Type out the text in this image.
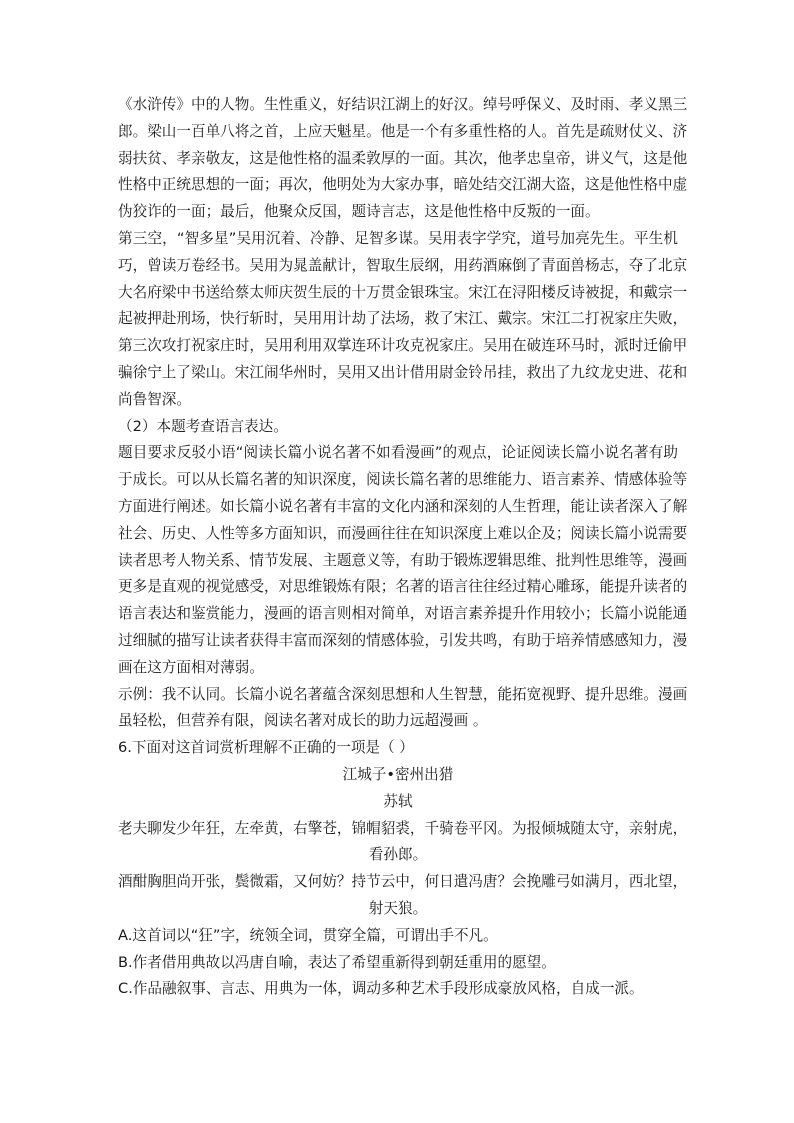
《水浒传》中的人物。生性重义，好结识江湖上的好汉。绰号呼保义、及时雨、孝义黑三
郎。梁山一百单八将之首，上应天魁星。他是一个有多重性格的人。首先是疏财仗义、济
弱扶贫、孝亲敬友，这是他性格的温柔敦厚的一面。其次，他孝忠皇帝，讲义气，这是他
性格中正统思想的一面；再次，他明处为大家办事，暗处结交江湖大盗，这是他性格中虚
伪狡诈的一面；最后，他聚众反国，题诗言志，这是他性格中反叛的一面。
第三空，“智多星”吴用沉着、冷静、足智多谋。吴用表字学究，道号加亮先生。平生机
巧，曾读万卷经书。吴用为晁盖献计，智取生辰纲，用药酒麻倒了青面兽杨志，夺了北京
大名府梁中书送给蔡太师庆贺生辰的十万贯金银珠宝。宋江在浔阳楼反诗被捉，和戴宗一
起被押赴刑场，快行斩时，吴用用计劫了法场，救了宋江、戴宗。宋江二打祝家庄失败，
第三次攻打祝家庄时，吴用利用双掌连环计攻克祝家庄。吴用在破连环马时，派时迁偷甲
骗徐宁上了梁山。宋江闹华州时，吴用又出计借用尉金铃吊挂，救出了九纹龙史进、花和
尚鲁智深。
（2）本题考查语言表达。
题目要求反驳小语“阅读长篇小说名著不如看漫画”的观点，论证阅读长篇小说名著有助
于成长。可以从长篇名著的知识深度，阅读长篇名著的思维能力、语言素养、情感体验等
方面进行阐述。如长篇小说名著有丰富的文化内涵和深刻的人生哲理，能让读者深入了解
社会、历史、人性等多方面知识，而漫画往往在知识深度上难以企及；阅读长篇小说需要
读者思考人物关系、情节发展、主题意义等，有助于锻炼逻辑思维、批判性思维等，漫画
更多是直观的视觉感受，对思维锻炼有限；名著的语言往往经过精心雕琢，能提升读者的
语言表达和鉴赏能力，漫画的语言则相对简单，对语言素养提升作用较小；长篇小说能通
过细腻的描写让读者获得丰富而深刻的情感体验，引发共鸣，有助于培养情感感知力，漫
画在这方面相对薄弱。
示例：我不认同。长篇小说名著蕴含深刻思想和人生智慧，能拓宽视野、提升思维。漫画
虽轻松，但营养有限，阅读名著对成长的助力远超漫画 。
6.下面对这首词赏析理解不正确的一项是（ ）
江城子•密州出猎
苏轼
老夫聊发少年狂，左牵黄，右擎苍，锦帽貂裘，千骑卷平冈。为报倾城随太守，亲射虎，
看孙郎。
酒酣胸胆尚开张，鬓微霜，又何妨？持节云中，何日遣冯唐？会挽雕弓如满月，西北望，
射天狼。
A.这首词以“狂”字，统领全词，贯穿全篇，可谓出手不凡。
B.作者借用典故以冯唐自喻，表达了希望重新得到朝廷重用的愿望。
C.作品融叙事、言志、用典为一体，调动多种艺术手段形成豪放风格，自成一派。
